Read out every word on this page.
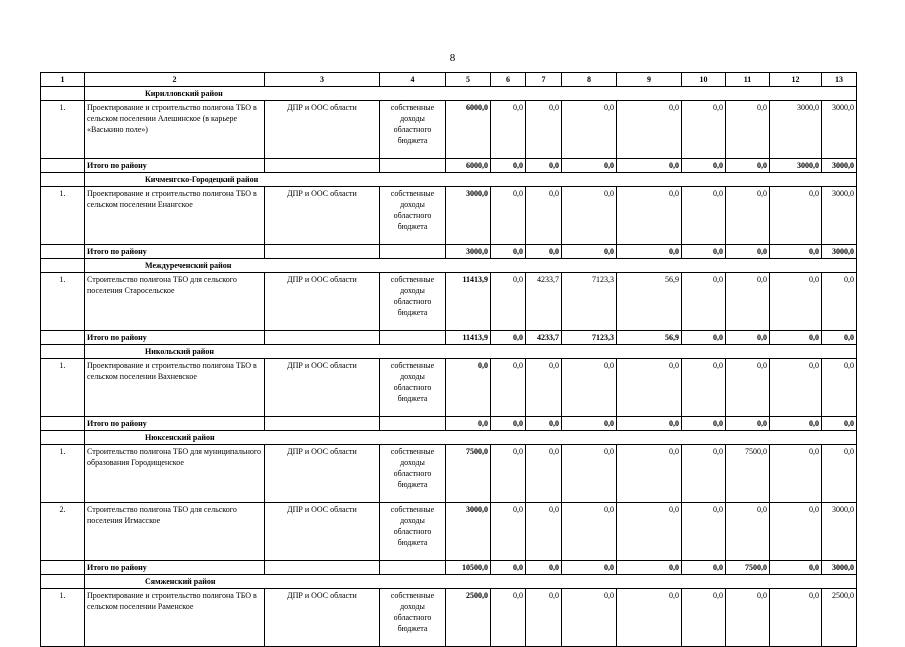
8
1	2	3	4	5	6	7	8	9	10	11	12	13
	Кирилловский район											
1.	Проектирование и строительство полигона ТБО в сельском поселении Алешинское (в карьере «Васькино поле»)	ДПР и ООС области	собственные доходы областного бюджета	6000,0	0,0	0,0	0,0	0,0	0,0	0,0	3000,0	3000,0
	Итого по району			6000,0	0,0	0,0	0,0	0,0	0,0	0,0	3000,0	3000,0
	Кичменгско-Городецкий район											
1.	Проектирование и строительство полигона ТБО в сельском поселении Енангское	ДПР и ООС области	собственные доходы областного бюджета	3000,0	0,0	0,0	0,0	0,0	0,0	0,0	0,0	3000,0
	Итого по району			3000,0	0,0	0,0	0,0	0,0	0,0	0,0	0,0	3000,0
	Междуреченский район											
1.	Строительство полигона ТБО для сельского поселения Старосельское	ДПР и ООС области	собственные доходы областного бюджета	11413,9	0,0	4233,7	7123,3	56,9	0,0	0,0	0,0	0,0
	Итого по району			11413,9	0,0	4233,7	7123,3	56,9	0,0	0,0	0,0	0,0
	Никольский район											
1.	Проектирование и строительство полигона ТБО в сельском поселении Вахневское	ДПР и ООС области	собственные доходы областного бюджета	0,0	0,0	0,0	0,0	0,0	0,0	0,0	0,0	0,0
	Итого по району			0,0	0,0	0,0	0,0	0,0	0,0	0,0	0,0	0,0
	Нюксенский район											
1.	Строительство полигона ТБО для муниципального образования Городищенское	ДПР и ООС области	собственные доходы областного бюджета	7500,0	0,0	0,0	0,0	0,0	0,0	7500,0	0,0	0,0
2.	Строительство полигона ТБО для сельского поселения Игмасское	ДПР и ООС области	собственные доходы областного бюджета	3000,0	0,0	0,0	0,0	0,0	0,0	0,0	0,0	3000,0
	Итого по району			10500,0	0,0	0,0	0,0	0,0	0,0	7500,0	0,0	3000,0
	Сямженский район											
1.	Проектирование и строительство полигона ТБО в сельском поселении Раменское	ДПР и ООС области	собственные доходы областного бюджета	2500,0	0,0	0,0	0,0	0,0	0,0	0,0	0,0	2500,0
